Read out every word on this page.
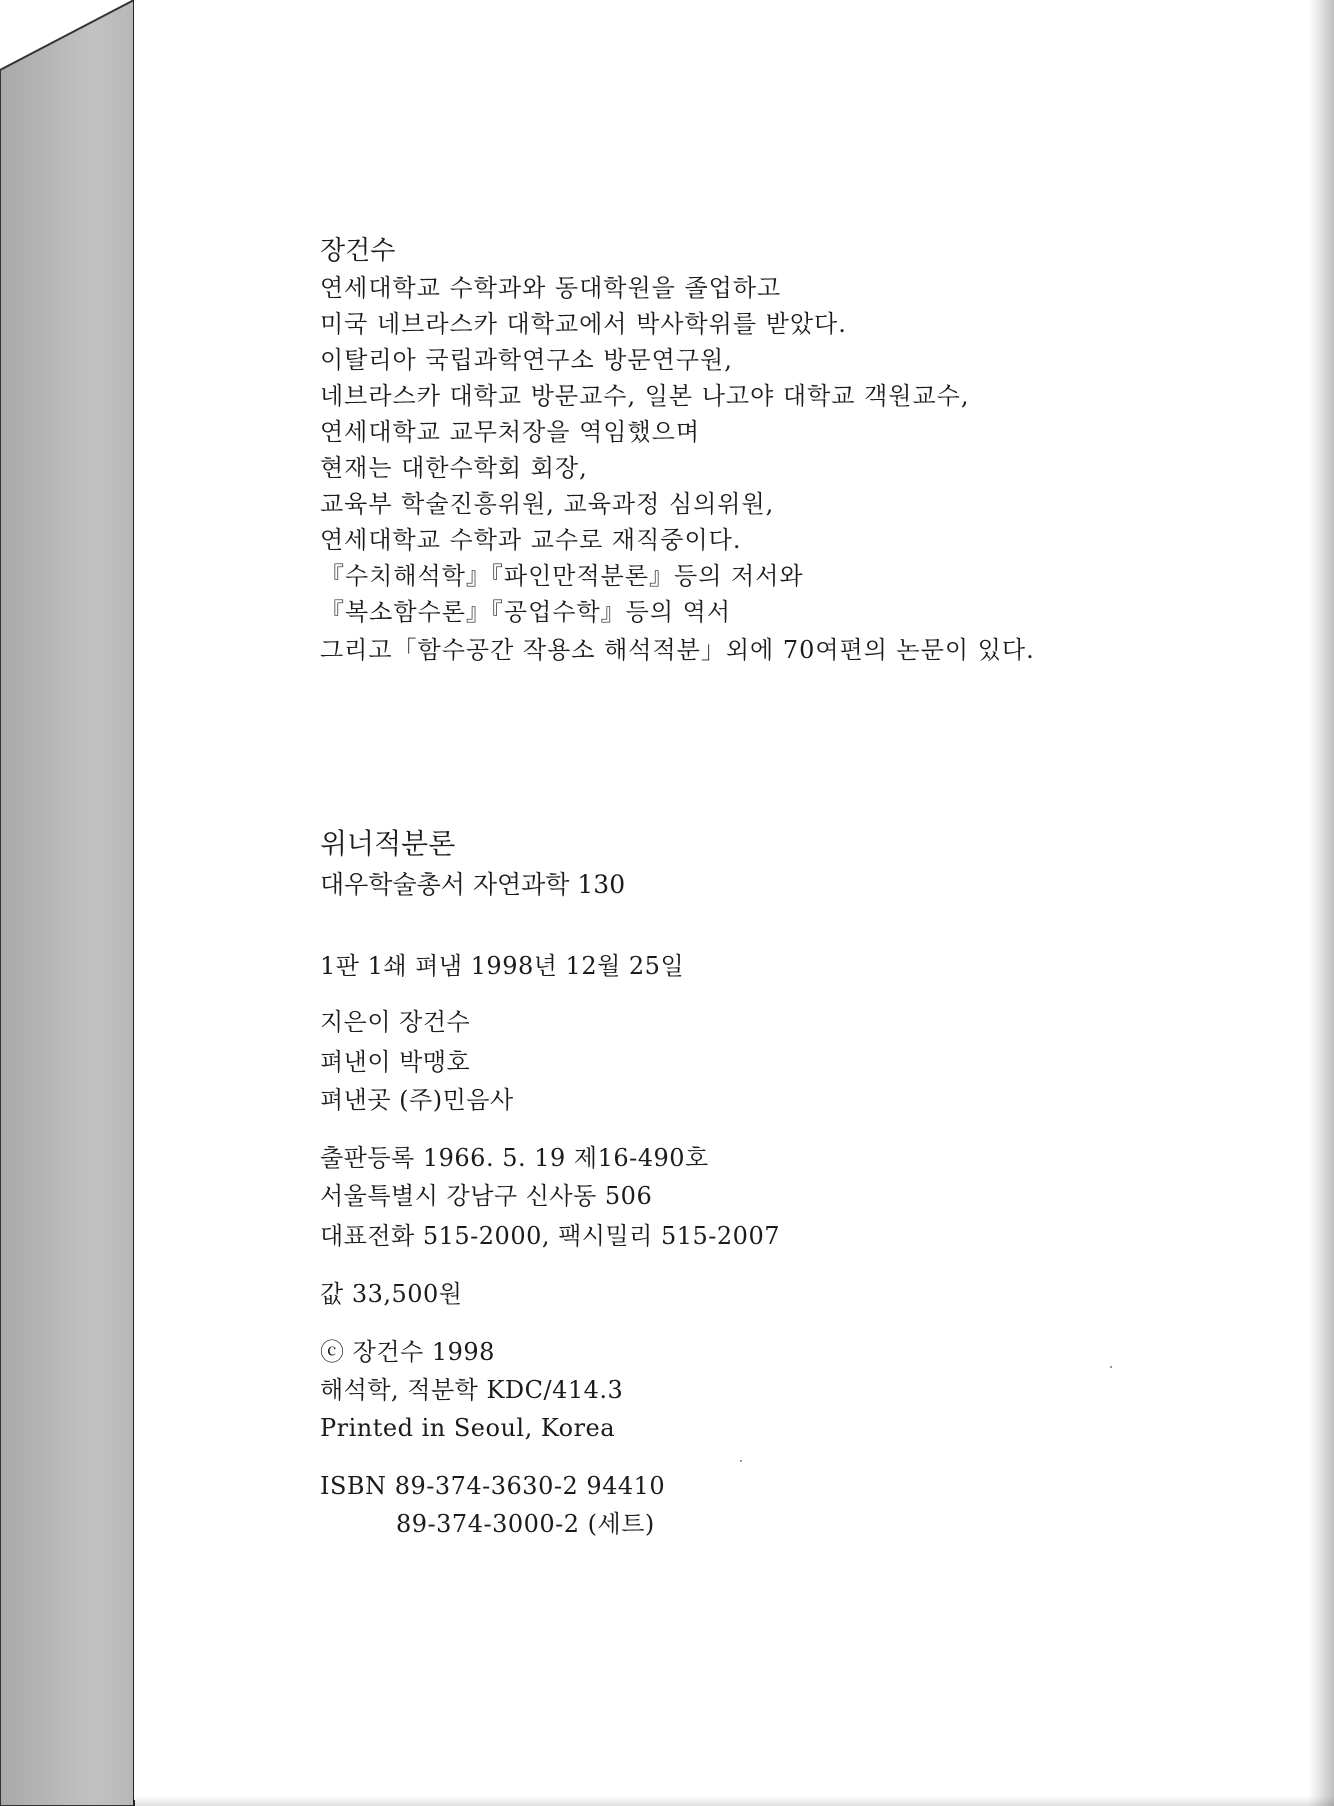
장건수
연세대학교 수학과와 동대학원을 졸업하고
미국 네브라스카 대학교에서 박사학위를 받았다.
이탈리아 국립과학연구소 방문연구원,
네브라스카 대학교 방문교수, 일본 나고야 대학교 객원교수,
연세대학교 교무처장을 역임했으며
현재는 대한수학회 회장,
교육부 학술진흥위원, 교육과정 심의위원,
연세대학교 수학과 교수로 재직중이다.
『수치해석학』『파인만적분론』등의 저서와
『복소함수론』『공업수학』등의 역서
그리고「함수공간 작용소 해석적분」외에 70여편의 논문이 있다.
위너적분론
대우학술총서 자연과학 130
1판 1쇄 펴냄 1998년 12월 25일
지은이 장건수
펴낸이 박맹호
펴낸곳 (주)민음사
출판등록 1966. 5. 19 제16-490호
서울특별시 강남구 신사동 506
대표전화 515-2000, 팩시밀리 515-2007
값 33,500원
ⓒ 장건수 1998
해석학, 적분학 KDC/414.3
Printed in Seoul, Korea
ISBN 89-374-3630-2 94410
89-374-3000-2 (세트)
